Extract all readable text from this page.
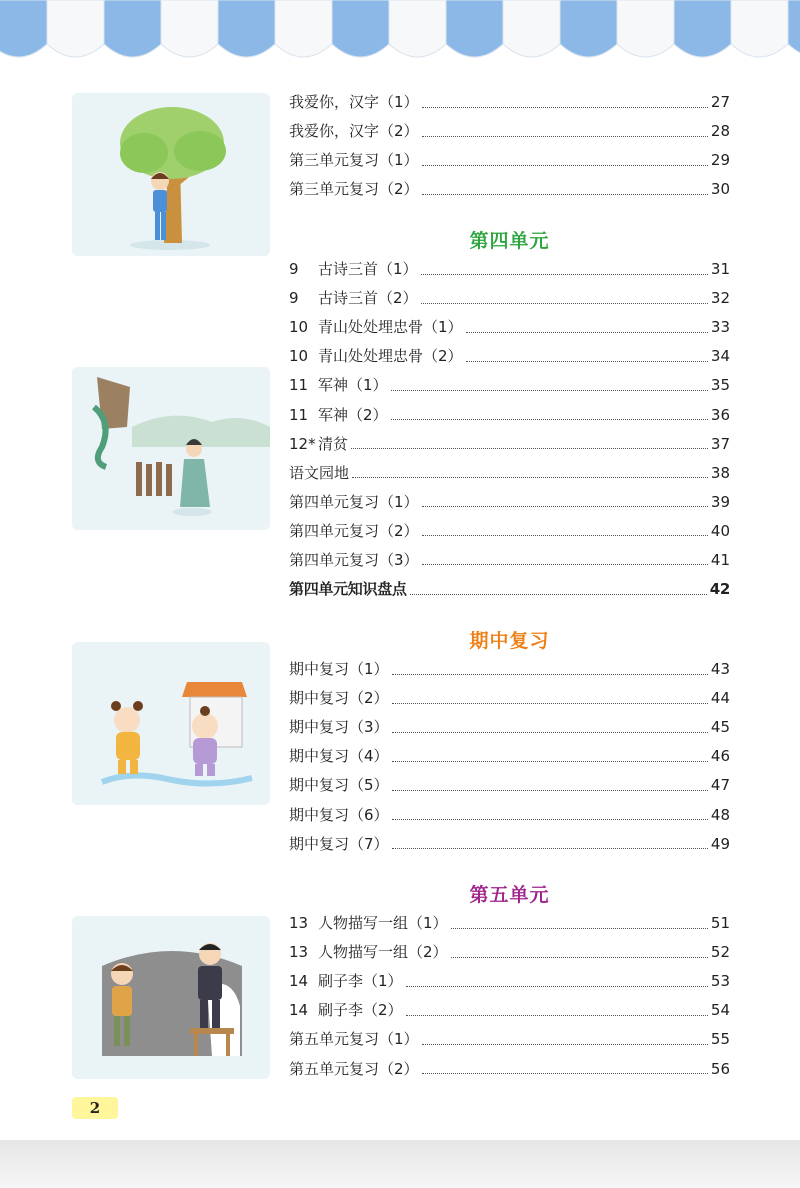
我爱你，汉字（1）	27
我爱你，汉字（2）	28
第三单元复习（1）	29
第三单元复习（2）	30
第四单元
9	古诗三首（1）	31
9	古诗三首（2）	32
10 青山处处埋忠骨（1）	33
10 青山处处埋忠骨（2）	34
11 军神（1）	35
11 军神（2）	36
12* 清贫	37
语文园地	38
第四单元复习（1）	39
第四单元复习（2）	40
第四单元复习（3）	41
第四单元知识盘点	42
期中复习
期中复习（1）	43
期中复习（2）	44
期中复习（3）	45
期中复习（4）	46
期中复习（5）	47
期中复习（6）	48
期中复习（7）	49
第五单元
13 人物描写一组（1）	51
13 人物描写一组（2）	52
14 刷子李（1）	53
14 刷子李（2）	54
第五单元复习（1）	55
第五单元复习（2）	56
2
